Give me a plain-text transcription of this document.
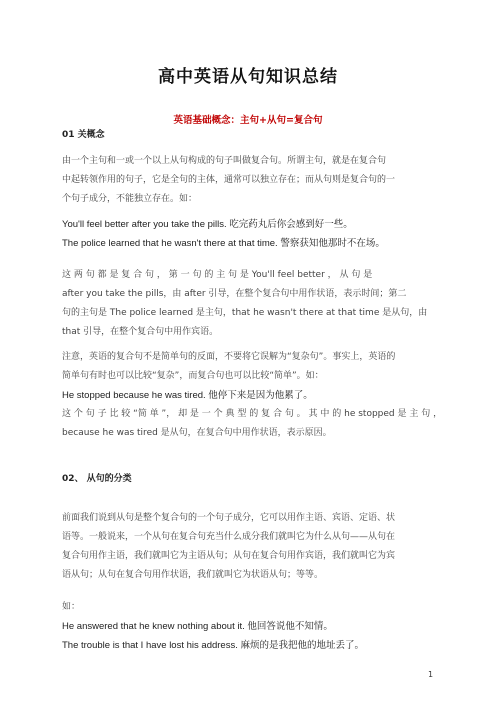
高中英语从句知识总结
英语基础概念：主句+从句=复合句
01 关概念
由一个主句和一或一个以上从句构成的句子叫做复合句。所谓主句，就是在复合句
中起转领作用的句子，它是全句的主体，通常可以独立存在；而从句则是复合句的一
个句子成分，不能独立存在。如：
You'll feel better after you take the pills. 吃完药丸后你会感到好一些。
The police learned that he wasn't there at that time. 警察获知他那时不在场。
这 两 句 都 是 复 合 句 ， 第 一 句 的 主 句 是 You'll feel better ， 从 句 是
after you take the pills，由 after 引导，在整个复合句中用作状语，表示时间；第二
句的主句是 The police learned 是主句，that he wasn't there at that time 是从句，由
that 引导，在整个复合句中用作宾语。
注意，英语的复合句不是简单句的反面，不要将它误解为“复杂句”。事实上，英语的
简单句有时也可以比较“复杂”，而复合句也可以比较“简单”。如：
He stopped because he was tired. 他停下来是因为他累了。
这 个 句 子 比 较 “简 单 ”， 却 是 一 个 典 型 的 复 合 句 。 其 中 的 he stopped 是 主 句 ，
because he was tired 是从句，在复合句中用作状语，表示原因。
02、 从句的分类
前面我们说到从句是整个复合句的一个句子成分，它可以用作主语、宾语、定语、状
语等。一般说来，一个从句在复合句充当什么成分我们就叫它为什么从句——从句在
复合句用作主语，我们就叫它为主语从句；从句在复合句用作宾语，我们就叫它为宾
语从句；从句在复合句用作状语，我们就叫它为状语从句；等等。
如：
He answered that he knew nothing about it. 他回答说他不知情。
The trouble is that I have lost his address. 麻烦的是我把他的地址丢了。
1
